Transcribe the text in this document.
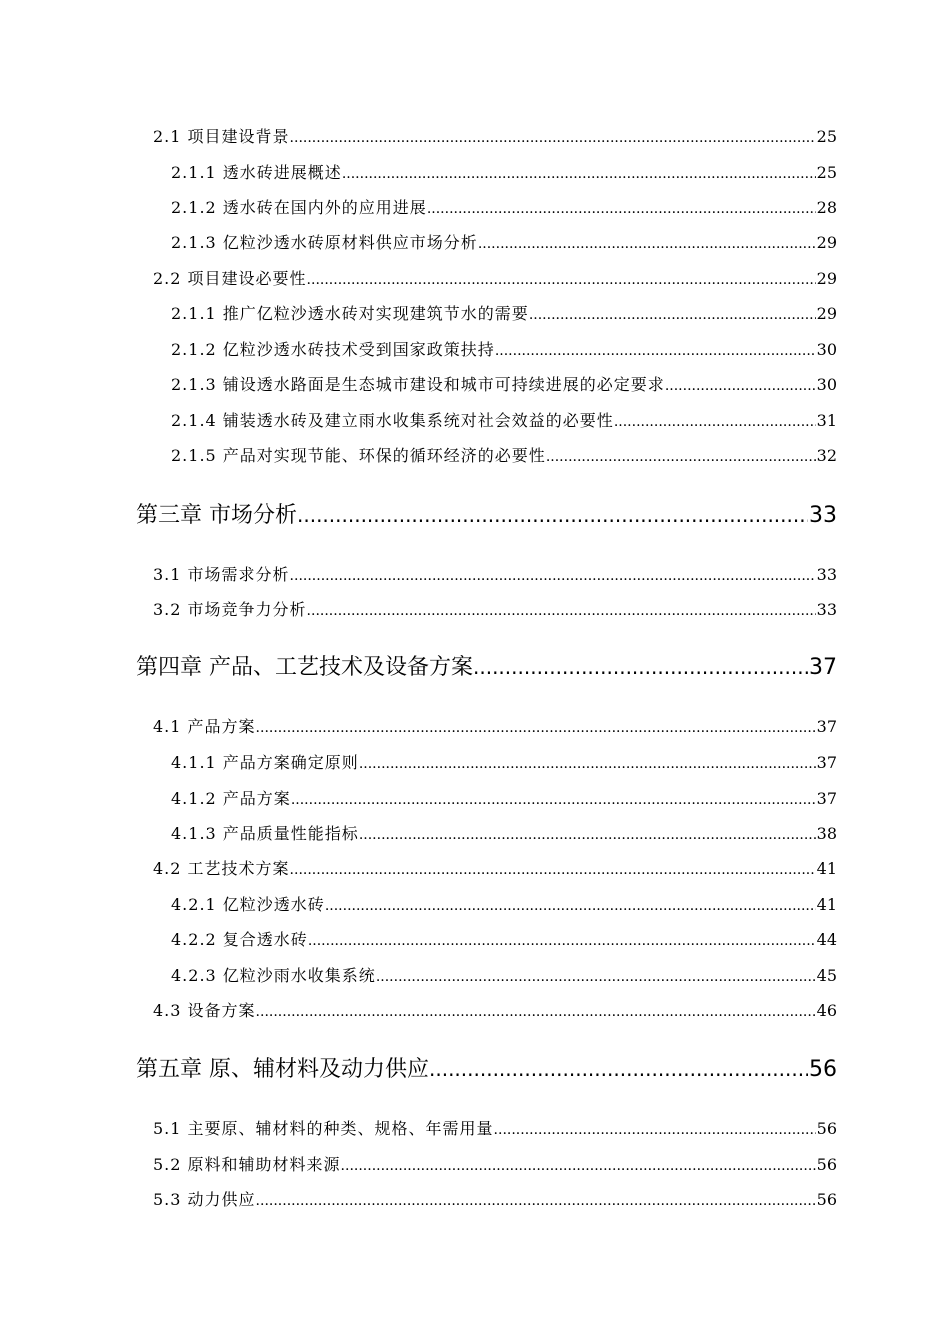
2.1 项目建设背景 .....	25
2.1.1 透水砖进展概述 .....	25
2.1.2 透水砖在国内外的应用进展 .....	28
2.1.3 亿粒沙透水砖原材料供应市场分析 .....	29
2.2 项目建设必要性 .....	29
2.1.1 推广亿粒沙透水砖对实现建筑节水的需要 .....	29
2.1.2 亿粒沙透水砖技术受到国家政策扶持 .....	30
2.1.3 铺设透水路面是生态城市建设和城市可持续进展的必定要求 .....	30
2.1.4 铺装透水砖及建立雨水收集系统对社会效益的必要性 .....	31
2.1.5 产品对实现节能、环保的循环经济的必要性 .....	32
第三章 市场分析 .....	33
3.1 市场需求分析 .....	33
3.2 市场竞争力分析 .....	33
第四章 产品、工艺技术及设备方案 .....	37
4.1 产品方案 .....	37
4.1.1 产品方案确定原则 .....	37
4.1.2 产品方案 .....	37
4.1.3 产品质量性能指标 .....	38
4.2 工艺技术方案 .....	41
4.2.1 亿粒沙透水砖 .....	41
4.2.2 复合透水砖 .....	44
4.2.3 亿粒沙雨水收集系统 .....	45
4.3 设备方案 .....	46
第五章 原、辅材料及动力供应 .....	56
5.1 主要原、辅材料的种类、规格、年需用量 .....	56
5.2 原料和辅助材料来源 .....	56
5.3 动力供应 .....	56
